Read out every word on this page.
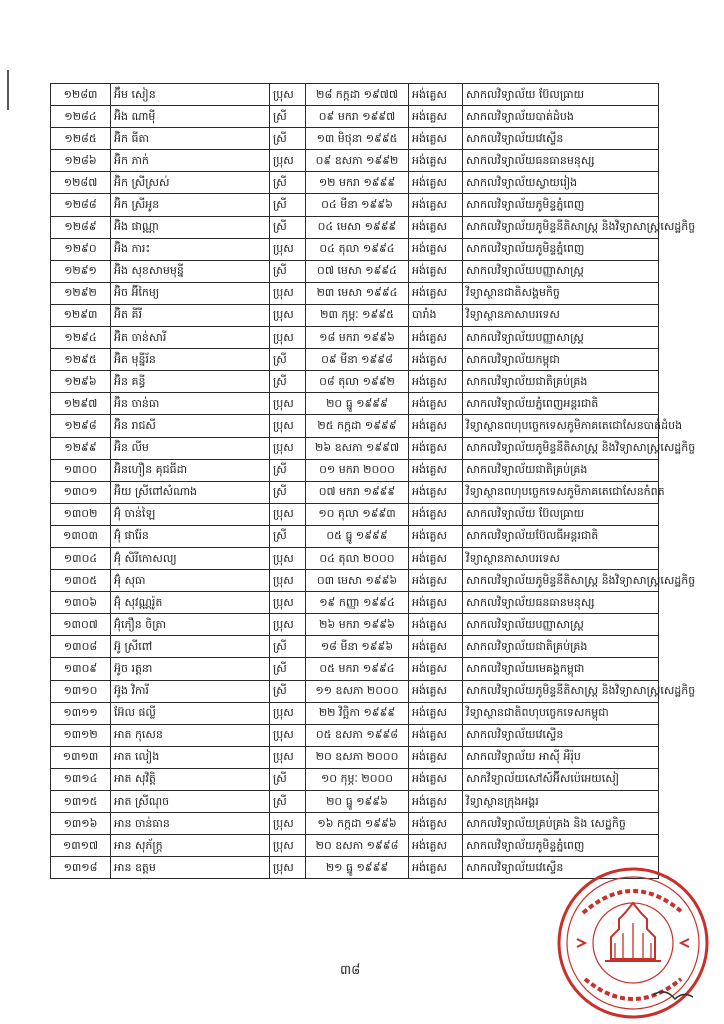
១២៨៣	អ៊ឹម សៀន	ប្រុស	២៨ កក្កដា ១៩៧៧	អង់គ្លេស	សាកលវិទ្យាល័យ ប៊ែលធ្រាយ
១២៨៤	អ៊ិង ណាម៉ី	ស្រី	០៩ មករា ១៩៩៧	អង់គ្លេស	សាកលវិទ្យាល័យបាត់ដំបង
១២៨៥	អ៊ិក ធីតា	ស្រី	១៣ មិថុនា ១៩៩៥	អង់គ្លេស	សាកលវិទ្យាល័យវេស្ទើន
១២៨៦	អ៊ិក ភាក់	ប្រុស	០៩ ឧសភា ១៩៩២	អង់គ្លេស	សាកលវិទ្យាល័យធនធានមនុស្ស
១២៨៧	អ៊ិក ស្រីស្រស់	ស្រី	១២ មករា ១៩៩៩	អង់គ្លេស	សាកលវិទ្យាល័យស្វាយរៀង
១២៨៨	អ៊ិក ស្រីអូន	ស្រី	០៤ មីនា ១៩៩៦	អង់គ្លេស	សាកលវិទ្យាល័យភូមិន្ទភ្នំពេញ
១២៨៩	អ៊ិង ផាណ្ណា	ស្រី	០៤ មេសា ១៩៩៩	អង់គ្លេស	សាកលវិទ្យាល័យភូមិន្ទនីតិសាស្ត្រ និងវិទ្យាសាស្ត្រសេដ្ឋកិច្ច
១២៩០	អ៊ិង ការះ	ប្រុស	០៤ តុលា ១៩៩៤	អង់គ្លេស	សាកលវិទ្យាល័យភូមិន្ទភ្នំពេញ
១២៩១	អ៊ិង សុខសាមមុន្នី	ស្រី	០៧ មេសា ១៩៩៤	អង់គ្លេស	សាកលវិទ្យាល័យបញ្ញាសាស្ត្រ
១២៩២	អ៊ិច អ៊ីកៃម្យ	ប្រុស	២៣ មេសា ១៩៩៤	អង់គ្លេស	វិទ្យាស្ថានជាតិសង្គមកិច្ច
១២៩៣	អ៊ិត គីរី	ប្រុស	២៣ កុម្ភៈ ១៩៩៥	បារាំង	វិទ្យាស្ថានភាសាបរទេស
១២៩៤	អ៊ិត ចាន់សារី	ប្រុស	១៨ មករា ១៩៩៦	អង់គ្លេស	សាកលវិទ្យាល័យបញ្ញាសាស្ត្រ
១២៩៥	អ៊ិត មុន្នីរ័ន	ស្រី	០៩ មីនា ១៩៩៨	អង់គ្លេស	សាកលវិទ្យាល័យកម្ពុជា
១២៩៦	អ៊ិន គន្ធី	ស្រី	០៨ តុលា ១៩៩២	អង់គ្លេស	សាកលវិទ្យាល័យជាតិគ្រប់គ្រង
១២៩៧	អ៊ិន ចាន់ធា	ប្រុស	២០ ធ្នូ ១៩៩៩	អង់គ្លេស	សាកលវិទ្យាល័យភ្នំពេញអន្តរជាតិ
១២៩៨	អ៊ិន រាជសី	ប្រុស	២៥ កក្កដា ១៩៩៩	អង់គ្លេស	វិទ្យាស្ថានពហុបច្ចេកទេសភូមិភាគតេជោសែនបាត់ដំបង
១២៩៩	អ៊ិន លីម	ប្រុស	២៦ ឧសភា ១៩៩៧	អង់គ្លេស	សាកលវិទ្យាល័យភូមិន្ទនីតិសាស្ត្រ និងវិទ្យាសាស្ត្រសេដ្ឋកិច្ច
១៣០០	អ៊ិនហឿន គុជធីដា	ស្រី	០១ មករា ២០០០	អង់គ្លេស	សាកលវិទ្យាល័យជាតិគ្រប់គ្រង
១៣០១	អ៊ិយ ស្រីពៅសំណាង	ស្រី	០៧ មករា ១៩៩៩	អង់គ្លេស	វិទ្យាស្ថានពហុបច្ចេកទេសភូមិភាគតេជោសែនកំពត
១៣០២	អ៊ុំ ចាន់ឡៃ	ប្រុស	១០ តុលា ១៩៩៣	អង់គ្លេស	សាកលវិទ្យាល័យ ប៊ែលធ្រាយ
១៣០៣	អ៊ុំ ផារ៉ែន	ស្រី	០៥ ធ្នូ ១៩៩៩	អង់គ្លេស	សាកលវិទ្យាល័យប៊ែលធីអន្តរជាតិ
១៣០៤	អ៊ុំ សិរីកោសល្យ	ប្រុស	០៤ តុលា ២០០០	អង់គ្លេស	វិទ្យាស្ថានភាសាបរទេស
១៣០៥	អ៊ុំ សុធា	ប្រុស	០៣ មេសា ១៩៩៦	អង់គ្លេស	សាកលវិទ្យាល័យភូមិន្ទនីតិសាស្ត្រ និងវិទ្យាសាស្ត្រសេដ្ឋកិច្ច
១៣០៦	អ៊ុំ សុវណ្ណរ៉ូត	ប្រុស	១៩ កញ្ញា ១៩៩៤	អង់គ្លេស	សាកលវិទ្យាល័យធនធានមនុស្ស
១៣០៧	អ៊ុំភឿន ចិត្រា	ប្រុស	២៦ មករា ១៩៩៦	អង់គ្លេស	សាកលវិទ្យាល័យបញ្ញាសាស្ត្រ
១៣០៨	អ៊ូ ស្រីពៅ	ស្រី	១៨ មីនា ១៩៩៦	អង់គ្លេស	សាកលវិទ្យាល័យជាតិគ្រប់គ្រង
១៣០៩	អ៊ូច រត្តនា	ស្រី	០៥ មករា ១៩៩៤	អង់គ្លេស	សាកលវិទ្យាល័យមេគង្គកម្ពុជា
១៣១០	អ៊ូង វិការី	ស្រី	១១ ឧសភា ២០០០	អង់គ្លេស	សាកលវិទ្យាល័យភូមិន្ទនីតិសាស្ត្រ និងវិទ្យាសាស្ត្រសេដ្ឋកិច្ច
១៣១១	អ៊ែល ផល្លី	ប្រុស	២២ វិច្ឆិកា ១៩៩៩	អង់គ្លេស	វិទ្យាស្ថានជាតិពហុបច្ចេកទេសកម្ពុជា
១៣១២	អាត កុសេន	ប្រុស	០៥ ឧសភា ១៩៩៨	អង់គ្លេស	សាកលវិទ្យាល័យវេស្ទើន
១៣១៣	អាត លៀង	ប្រុស	២០ ឧសភា ២០០០	អង់គ្លេស	សាកលវិទ្យាល័យ អាស៊ី អឺរ៉ុប
១៣១៤	អាត សុវិត្តិ	ស្រី	១០ កុម្ភៈ ២០០០	អង់គ្លេស	សាកវិទ្យាល័យសៅស៍អ៊ីសប៉េអេយសៀ
១៣១៥	អាត ស្រីណុច	ស្រី	២០ ធ្នូ ១៩៩៦	អង់គ្លេស	វិទ្យាស្ថានក្រុងអង្គរ
១៣១៦	អាន ចាន់ធាន	ប្រុស	១៦ កក្កដា ១៩៩៦	អង់គ្លេស	សាកលវិទ្យាល័យគ្រប់គ្រង និង សេដ្ឋកិច្ច
១៣១៧	អាន សុភ័ក្ត្រ	ប្រុស	២០ ឧសភា ១៩៩៨	អង់គ្លេស	សាកលវិទ្យាល័យភូមិន្ទភ្នំពេញ
១៣១៨	អាន ឧត្តម	ប្រុស	២១ ធ្នូ ១៩៩៩	អង់គ្លេស	សាកលវិទ្យាល័យវេស្ទើន
៣៨
